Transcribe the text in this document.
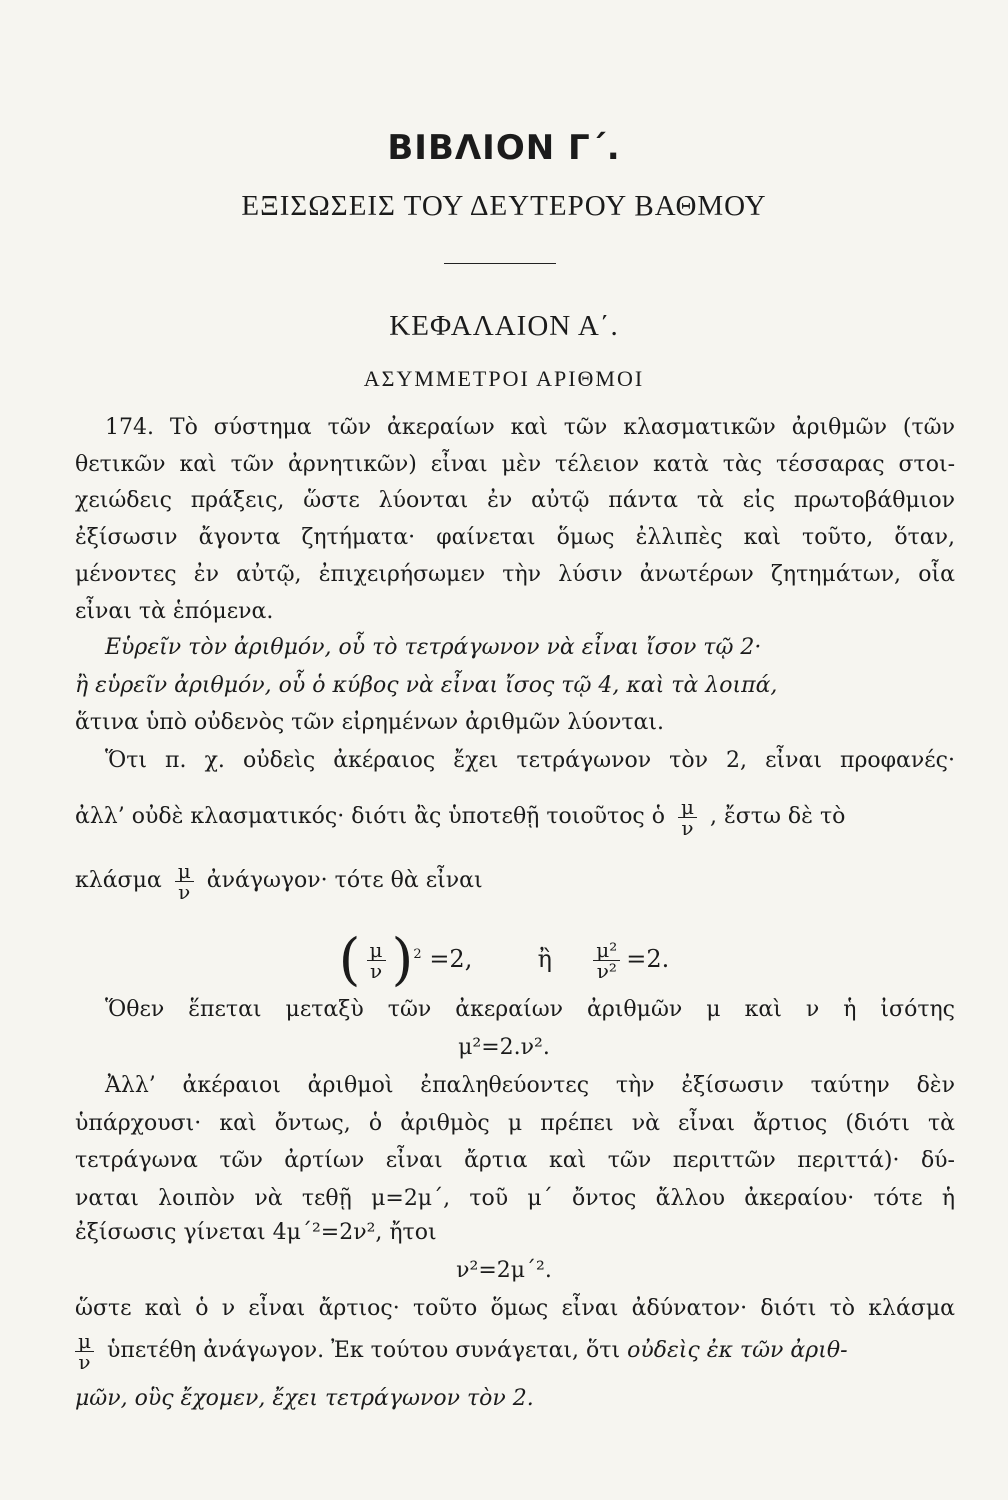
ΒΙΒΛΙΟΝ Γ΄.
ΕΞΙΣΩΣΕΙΣ ΤΟΥ ΔΕΥΤΕΡΟΥ ΒΑΘΜΟΥ
ΚΕΦΑΛΑΙΟΝ Α΄.
ΑΣΥΜΜΕΤΡΟΙ ΑΡΙΘΜΟΙ
174. Τὸ σύστημα τῶν ἀκεραίων καὶ τῶν κλασματικῶν ἀριθμῶν (τῶν
θετικῶν καὶ τῶν ἀρνητικῶν) εἶναι μὲν τέλειον κατὰ τὰς τέσσαρας στοι-
χειώδεις πράξεις, ὥστε λύονται ἐν αὐτῷ πάντα τὰ εἰς πρωτοβάθμιον
ἐξίσωσιν ἄγοντα ζητήματα· φαίνεται ὅμως ἐλλιπὲς καὶ τοῦτο, ὅταν,
μένοντες ἐν αὐτῷ, ἐπιχειρήσωμεν τὴν λύσιν ἀνωτέρων ζητημάτων, οἷα
εἶναι τὰ ἑπόμενα.
Εὑρεῖν τὸν ἀριθμόν, οὗ τὸ τετράγωνον νὰ εἶναι ἴσον τῷ 2·
ἢ εὑρεῖν ἀριθμόν, οὗ ὁ κύβος νὰ εἶναι ἴσος τῷ 4, καὶ τὰ λοιπά,
ἅτινα ὑπὸ οὐδενὸς τῶν εἰρημένων ἀριθμῶν λύονται.
Ὅτι π. χ. οὐδεὶς ἀκέραιος ἔχει τετράγωνον τὸν 2, εἶναι προφανές·
ἀλλ’ οὐδὲ κλασματικός· διότι ἂς ὑποτεθῇ τοιοῦτος ὁ $\frac{\mu}{\nu}$ , ἔστω δὲ τὸ
κλάσμα $\frac{\mu}{\nu}$ ἀνάγωγον· τότε θὰ εἶναι
( $\frac{\mu}{\nu} )^2 =2$,	ἢ $\frac{\text{μ²}}{\text{ν²}} =2$.
Ὅθεν ἕπεται μεταξὺ τῶν ἀκεραίων ἀριθμῶν μ καὶ ν ἡ ἰσότης
μ²=2.ν².
Ἀλλ’ ἀκέραιοι ἀριθμοὶ ἐπαληθεύοντες τὴν ἐξίσωσιν ταύτην δὲν
ὑπάρχουσι· καὶ ὄντως, ὁ ἀριθμὸς μ πρέπει νὰ εἶναι ἄρτιος (διότι τὰ
τετράγωνα τῶν ἀρτίων εἶναι ἄρτια καὶ τῶν περιττῶν περιττά)· δύ-
ναται λοιπὸν νὰ τεθῇ μ=2μ΄, τοῦ μ΄ ὄντος ἄλλου ἀκεραίου· τότε ἡ
ἐξίσωσις γίνεται 4μ΄²=2ν², ἤτοι
ν²=2μ΄².
ὥστε καὶ ὁ ν εἶναι ἄρτιος· τοῦτο ὅμως εἶναι ἀδύνατον· διότι τὸ κλάσμα
$\frac{\mu}{\nu}$ ὑπετέθη ἀνάγωγον. Ἐκ τούτου συνάγεται, ὅτι οὐδεὶς ἐκ τῶν ἀριθ-
μῶν, οὓς ἔχομεν, ἔχει τετράγωνον τὸν 2.
